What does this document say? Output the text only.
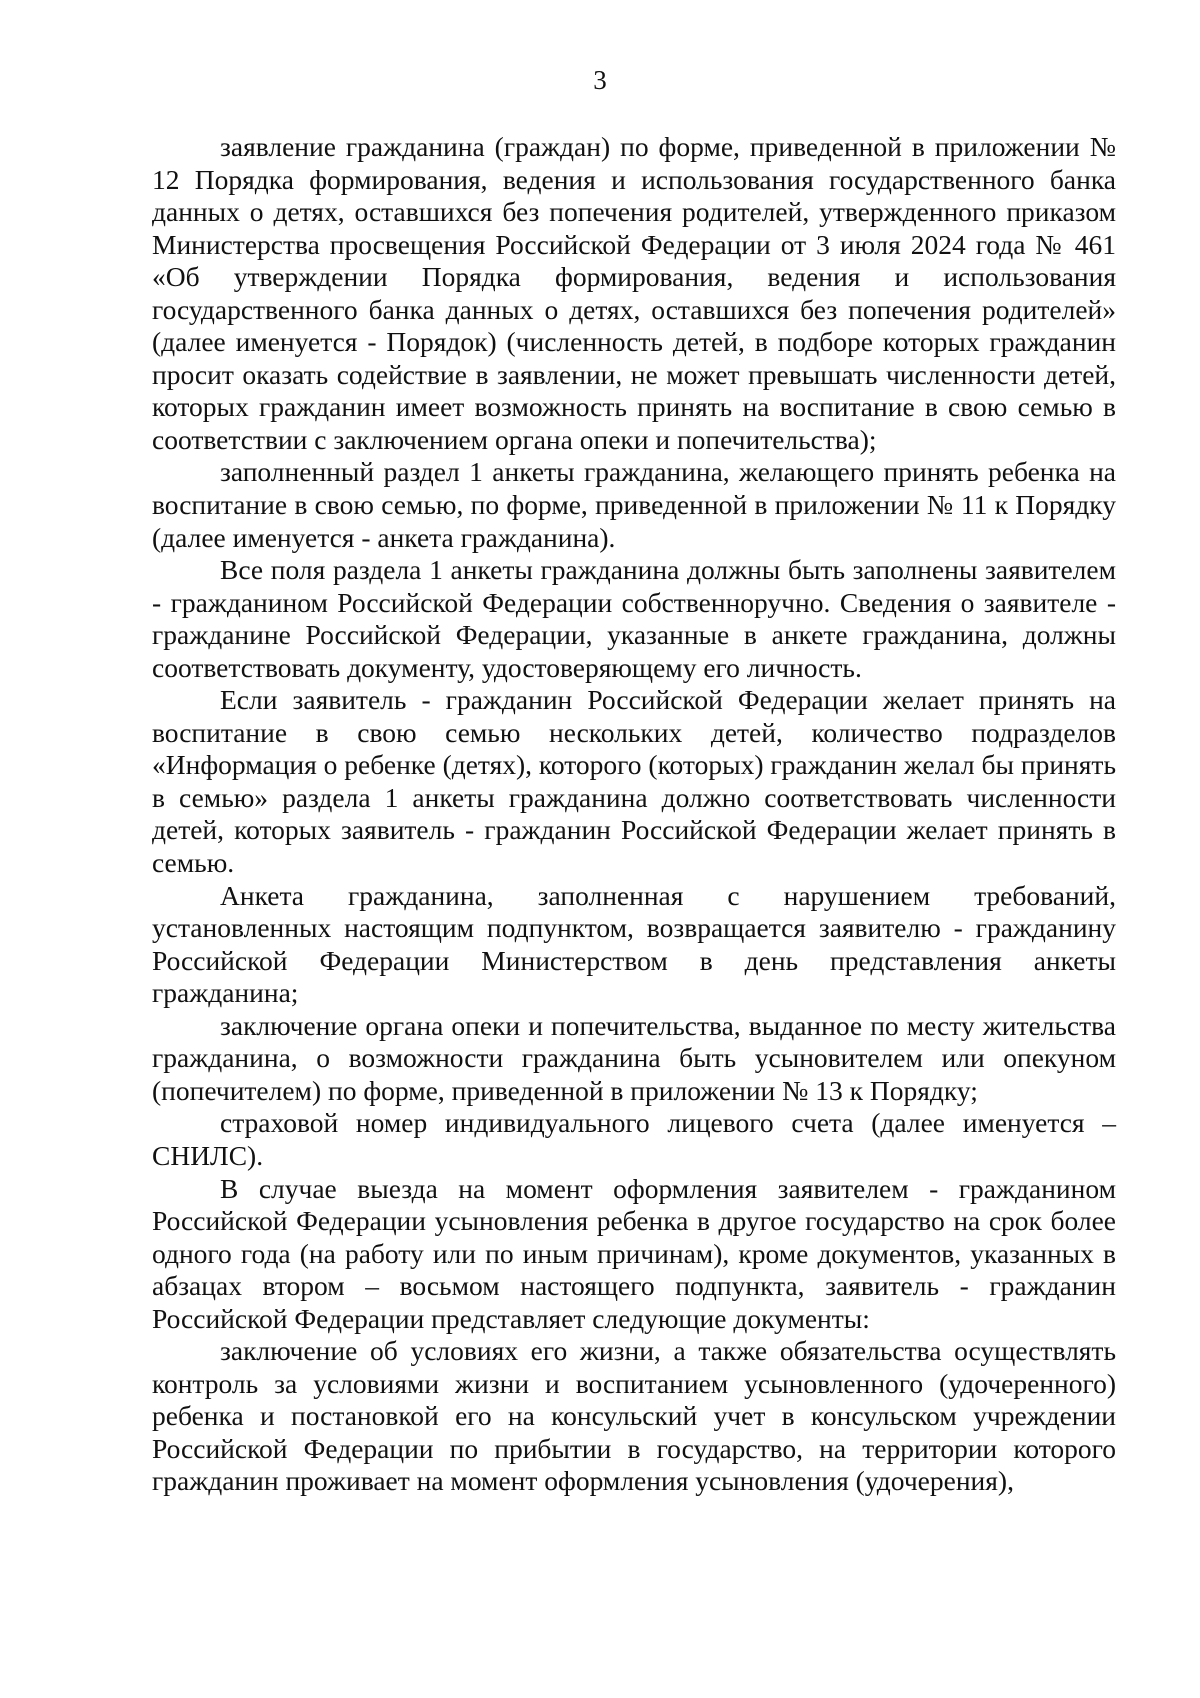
3

заявление гражданина (граждан) по форме, приведенной в приложении № 12 Порядка формирования, ведения и использования государственного банка данных о детях, оставшихся без попечения родителей, утвержденного приказом Министерства просвещения Российской Федерации от 3 июля 2024 года № 461 «Об утверждении Порядка формирования, ведения и использования государственного банка данных о детях, оставшихся без попечения родителей» (далее именуется - Порядок) (численность детей, в подборе которых гражданин просит оказать содействие в заявлении, не может превышать численности детей, которых гражданин имеет возможность принять на воспитание в свою семью в соответствии с заключением органа опеки и попечительства);

заполненный раздел 1 анкеты гражданина, желающего принять ребенка на воспитание в свою семью, по форме, приведенной в приложении № 11 к Порядку (далее именуется - анкета гражданина).

Все поля раздела 1 анкеты гражданина должны быть заполнены заявителем - гражданином Российской Федерации собственноручно. Сведения о заявителе - гражданине Российской Федерации, указанные в анкете гражданина, должны соответствовать документу, удостоверяющему его личность.

Если заявитель - гражданин Российской Федерации желает принять на воспитание в свою семью нескольких детей, количество подразделов «Информация о ребенке (детях), которого (которых) гражданин желал бы принять в семью» раздела 1 анкеты гражданина должно соответствовать численности детей, которых заявитель - гражданин Российской Федерации желает принять в семью.

Анкета гражданина, заполненная с нарушением требований, установленных настоящим подпунктом, возвращается заявителю - гражданину Российской Федерации Министерством в день представления анкеты гражданина;

заключение органа опеки и попечительства, выданное по месту жительства гражданина, о возможности гражданина быть усыновителем или опекуном (попечителем) по форме, приведенной в приложении № 13 к Порядку;

страховой номер индивидуального лицевого счета (далее именуется – СНИЛС).

В случае выезда на момент оформления заявителем - гражданином Российской Федерации усыновления ребенка в другое государство на срок более одного года (на работу или по иным причинам), кроме документов, указанных в абзацах втором – восьмом настоящего подпункта, заявитель - гражданин Российской Федерации представляет следующие документы:

заключение об условиях его жизни, а также обязательства осуществлять контроль за условиями жизни и воспитанием усыновленного (удочеренного) ребенка и постановкой его на консульский учет в консульском учреждении Российской Федерации по прибытии в государство, на территории которого гражданин проживает на момент оформления усыновления (удочерения),
